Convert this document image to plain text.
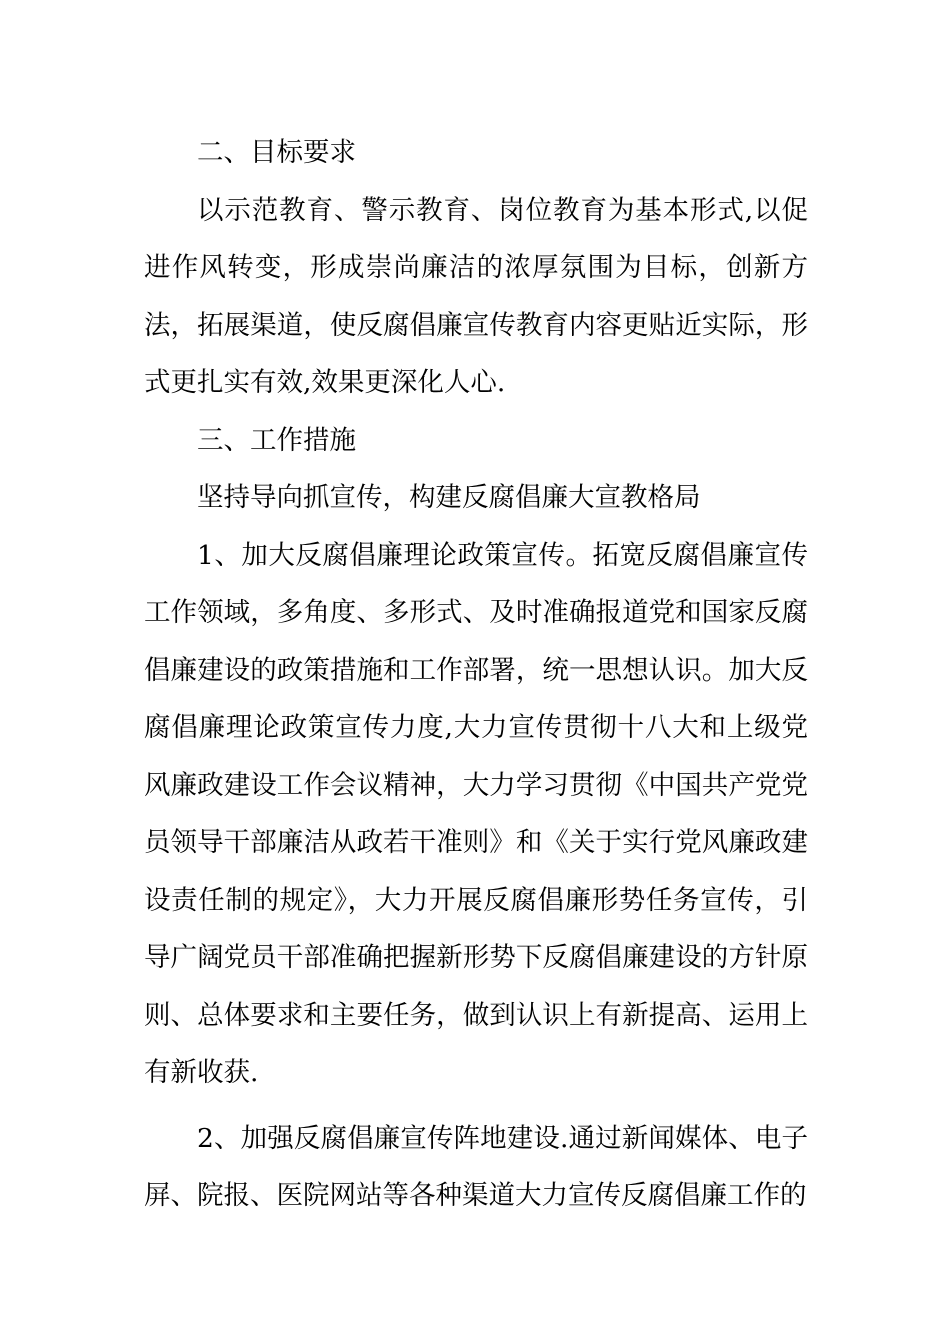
二、目标要求

以示范教育、警示教育、岗位教育为基本形式,以促进作风转变，形成崇尚廉洁的浓厚氛围为目标，创新方法，拓展渠道，使反腐倡廉宣传教育内容更贴近实际，形式更扎实有效,效果更深化人心.

三、工作措施

坚持导向抓宣传，构建反腐倡廉大宣教格局

1、加大反腐倡廉理论政策宣传。拓宽反腐倡廉宣传工作领域，多角度、多形式、及时准确报道党和国家反腐倡廉建设的政策措施和工作部署，统一思想认识。加大反腐倡廉理论政策宣传力度,大力宣传贯彻十八大和上级党风廉政建设工作会议精神，大力学习贯彻《中国共产党党员领导干部廉洁从政若干准则》和《关于实行党风廉政建设责任制的规定》，大力开展反腐倡廉形势任务宣传，引导广阔党员干部准确把握新形势下反腐倡廉建设的方针原则、总体要求和主要任务，做到认识上有新提高、运用上有新收获.

2、加强反腐倡廉宣传阵地建设.通过新闻媒体、电子屏、院报、医院网站等各种渠道大力宣传反腐倡廉工作的
